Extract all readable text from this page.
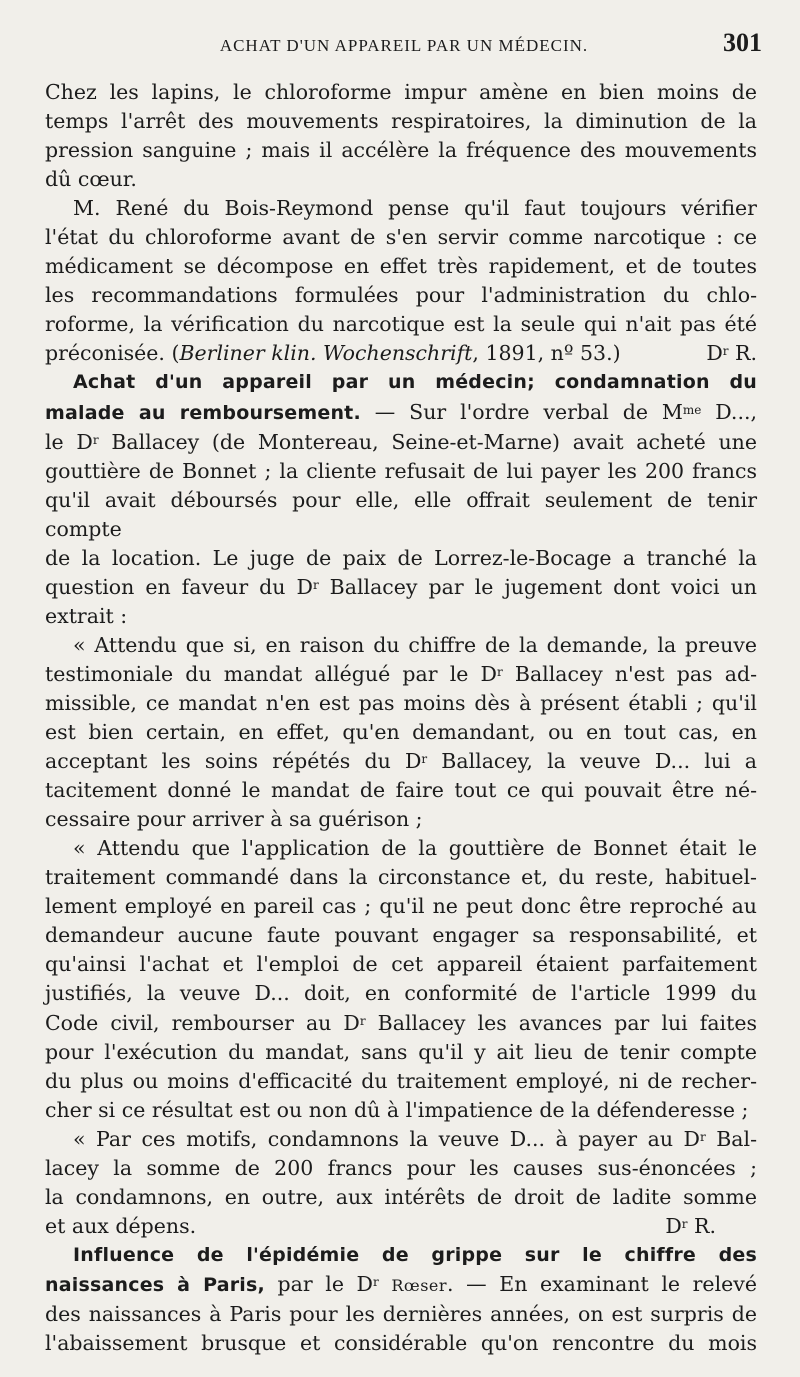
ACHAT D'UN APPAREIL PAR UN MÉDECIN.	301

Chez les lapins, le chloroforme impur amène en bien moins de
temps l'arrêt des mouvements respiratoires, la diminution de la
pression sanguine ; mais il accélère la fréquence des mouvements
dû cœur.

M. René du Bois-Reymond pense qu'il faut toujours vérifier
l'état du chloroforme avant de s'en servir comme narcotique : ce
médicament se décompose en effet très rapidement, et de toutes
les recommandations formulées pour l'administration du chlo-
roforme, la vérification du narcotique est la seule qui n'ait pas été
préconisée. (Berliner klin. Wochenschrift, 1891, nº 53.)	$D^r$ R.

Achat d'un appareil par un médecin; condamnation du
malade au remboursement. — Sur l'ordre verbal de $M^{me}$ D...,
le $D^r$ Ballacey (de Montereau, Seine-et-Marne) avait acheté une
gouttière de Bonnet ; la cliente refusait de lui payer les 200 francs
qu'il avait déboursés pour elle, elle offrait seulement de tenir compte
de la location. Le juge de paix de Lorrez-le-Bocage a tranché la
question en faveur du $D^r$ Ballacey par le jugement dont voici un
extrait :

« Attendu que si, en raison du chiffre de la demande, la preuve
testimoniale du mandat allégué par le $D^r$ Ballacey n'est pas ad-
missible, ce mandat n'en est pas moins dès à présent établi ; qu'il
est bien certain, en effet, qu'en demandant, ou en tout cas, en
acceptant les soins répétés du $D^r$ Ballacey, la veuve D... lui a
tacitement donné le mandat de faire tout ce qui pouvait être né-
cessaire pour arriver à sa guérison ;

« Attendu que l'application de la gouttière de Bonnet était le
traitement commandé dans la circonstance et, du reste, habituel-
lement employé en pareil cas ; qu'il ne peut donc être reproché au
demandeur aucune faute pouvant engager sa responsabilité, et
qu'ainsi l'achat et l'emploi de cet appareil étaient parfaitement
justifiés, la veuve D... doit, en conformité de l'article 1999 du
Code civil, rembourser au $D^r$ Ballacey les avances par lui faites
pour l'exécution du mandat, sans qu'il y ait lieu de tenir compte
du plus ou moins d'efficacité du traitement employé, ni de recher-
cher si ce résultat est ou non dû à l'impatience de la défenderesse ;

« Par ces motifs, condamnons la veuve D... à payer au $D^r$ Bal-
lacey la somme de 200 francs pour les causes sus-énoncées ;
la condamnons, en outre, aux intérêts de droit de ladite somme
et aux dépens.	$D^r$ R.  

Influence de l'épidémie de grippe sur le chiffre des
naissances à Paris, par le $D^r$ Rœser. — En examinant le relevé
des naissances à Paris pour les dernières années, on est surpris de
l'abaissement brusque et considérable qu'on rencontre du mois
